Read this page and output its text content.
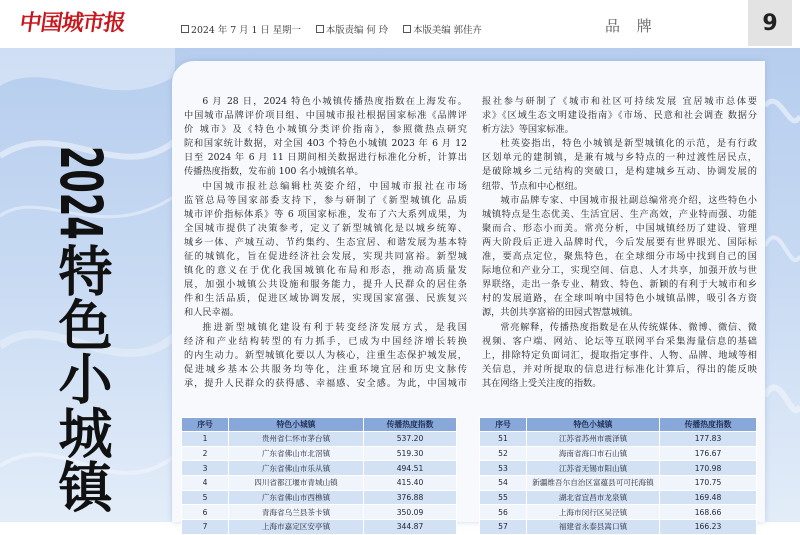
中国城市报	2024 年 7 月 1 日 星期一	本版责编 何 玲	本版美编 郭佳卉	品 牌	9
2024
特色小城镇
6 月 28 日，2024 特色小城镇传播热度指数在上海发布。
中国城市品牌评价项目组、中国城市报社根据国家标准《品牌评
价 城市》及《特色小城镇分类评价指南》，参照微热点研究
院和国家统计数据，对全国 403 个特色小城镇 2023 年 6 月 12
日至 2024 年 6 月 11 日期间相关数据进行标准化分析，计算出
传播热度指数，发布前 100 名小城镇名单。
中国城市报社总编辑杜英姿介绍，中国城市报社在市场
监管总局等国家部委支持下，参与研制了《新型城镇化 品质
城市评价指标体系》等 6 项国家标准，发布了六大系列成果，为
全国城市提供了决策参考，定义了新型城镇化是以城乡统筹、
城乡一体、产城互动、节约集约、生态宜居、和谐发展为基本特
征的城镇化，旨在促进经济社会发展，实现共同富裕。新型城
镇化的意义在于优化我国城镇化布局和形态，推动高质量发
展，加强小城镇公共设施和服务能力，提升人民群众的居住条
件和生活品质，促进区域协调发展，实现国家富强、民族复兴
和人民幸福。
推进新型城镇化建设有利于转变经济发展方式，是我国
经济和产业结构转型的有力抓手，已成为中国经济增长转换
的内生动力。新型城镇化要以人为核心，注重生态保护城发展，
促进城乡基本公共服务均等化，注重环境宜居和历史文脉传
承，提升人民群众的获得感、幸福感、安全感。为此，中国城市
报社参与研制了《城市和社区可持续发展 宜居城市总体要
求》《区域生态文明建设指南》《市场、民意和社会调查 数据分
析方法》等国家标准。
杜英姿指出，特色小城镇是新型城镇化的示范，是有行政
区划单元的建制镇，是兼有城与乡特点的一种过渡性居民点，
是破除城乡二元结构的突破口，是构建城乡互动、协调发展的
纽带、节点和中心枢纽。
城市品牌专家、中国城市报社副总编常亮介绍，这些特色小
城镇特点是生态优美、生活宜居、生产高效，产业特而强、功能
聚而合、形态小而美。常亮分析，中国城镇经历了建设、管理
两大阶段后正进入品牌时代，今后发展要有世界眼光、国际标
准，要高点定位，聚焦特色，在全球细分市场中找到自己的国
际地位和产业分工，实现空间、信息、人才共享，加强开放与世
界联络，走出一条专业、精致、特色、新颖的有利于大城市和乡
村的发展道路，在全球叫响中国特色小城镇品牌，吸引各方资
源，共创共享富裕的田园式智慧城镇。
常亮解释，传播热度指数是在从传统媒体、微博、微信、微
视频、客户端、网站、论坛等互联网平台采集海量信息的基础
上，排除特定负面词汇，提取指定事件、人物、品牌、地域等相
关信息，并对所提取的信息进行标准化计算后，得出的能反映
其在网络上受关注度的指数。
序号	特色小城镇	传播热度指数
1	贵州省仁怀市茅台镇	537.20
2	广东省佛山市北滘镇	519.30
3	广东省佛山市乐从镇	494.51
4	四川省都江堰市青城山镇	415.40
5	广东省佛山市西樵镇	376.88
6	青海省乌兰县茶卡镇	350.09
7	上海市嘉定区安亭镇	344.87
序号	特色小城镇	传播热度指数
51	江苏省苏州市震泽镇	177.83
52	海南省海口市石山镇	176.67
53	江苏省无锡市阳山镇	170.98
54	新疆维吾尔自治区富蕴县可可托海镇	170.75
55	湖北省宜昌市龙泉镇	169.48
56	上海市闵行区吴泾镇	168.66
57	福建省永泰县嵩口镇	166.23
